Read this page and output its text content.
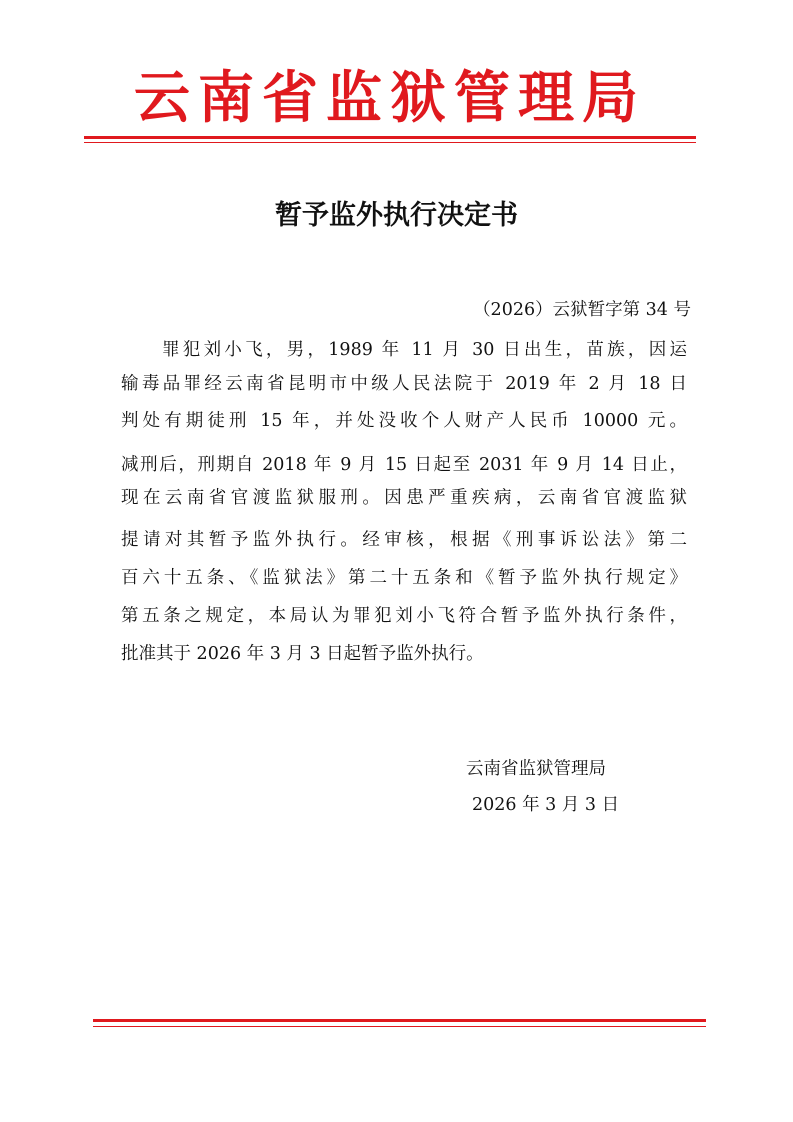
云南省监狱管理局
暂予监外执行决定书
（2026）云狱暂字第 34 号
罪犯刘小飞，男，1989 年 11 月 30 日出生，苗族，因运
输毒品罪经云南省昆明市中级人民法院于 2019 年 2 月 18 日
判处有期徒刑 15 年，并处没收个人财产人民币 10000 元。
减刑后，刑期自 2018 年 9 月 15 日起至 2031 年 9 月 14 日止，
现在云南省官渡监狱服刑。因患严重疾病，云南省官渡监狱
提请对其暂予监外执行。经审核，根据《刑事诉讼法》第二
百六十五条、《监狱法》第二十五条和《暂予监外执行规定》
第五条之规定，本局认为罪犯刘小飞符合暂予监外执行条件，
批准其于 2026 年 3 月 3 日起暂予监外执行。
云南省监狱管理局
2026 年 3 月 3 日
